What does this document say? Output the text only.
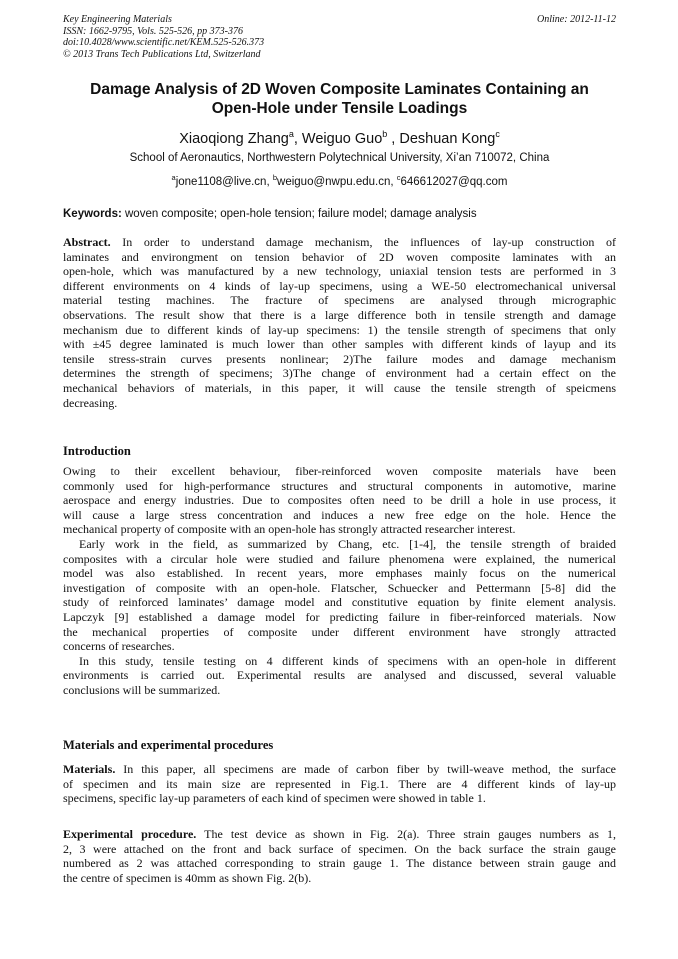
Key Engineering Materials
ISSN: 1662-9795, Vols. 525-526, pp 373-376
doi:10.4028/www.scientific.net/KEM.525-526.373
© 2013 Trans Tech Publications Ltd, Switzerland
Online: 2012-11-12
Damage Analysis of 2D Woven Composite Laminates Containing an
Open-Hole under Tensile Loadings
Xiaoqiong Zhang$^a$, Weiguo Guo$^b$ , Deshuan Kong$^c$
School of Aeronautics, Northwestern Polytechnical University, Xi’an 710072, China
$^a$jone1108@live.cn, $^b$weiguo@nwpu.edu.cn, $^c$646612027@qq.com
Keywords: woven composite; open-hole tension; failure model; damage analysis
Abstract. In order to understand damage mechanism, the influences of lay-up construction of
laminates and environgment on tension behavior of 2D woven composite laminates with an
open-hole, which was manufactured by a new technology, uniaxial tension tests are performed in 3
different environments on 4 kinds of lay-up specimens, using a WE-50 electromechanical universal
material testing machines. The fracture of specimens are analysed through micrographic
observations. The result show that there is a large difference both in tensile strength and damage
mechanism due to different kinds of lay-up specimens: 1) the tensile strength of specimens that only
with ±45 degree laminated is much lower than other samples with different kinds of layup and its
tensile stress-strain curves presents nonlinear; 2)The failure modes and damage mechanism
determines the strength of specimens; 3)The change of environment had a certain effect on the
mechanical behaviors of materials, in this paper, it will cause the tensile strength of speicmens
decreasing.
Introduction
Owing to their excellent behaviour, fiber-reinforced woven composite materials have been
commonly used for high-performance structures and structural components in automotive, marine
aerospace and energy industries. Due to composites often need to be drill a hole in use process, it
will cause a large stress concentration and induces a new free edge on the hole. Hence the
mechanical property of composite with an open-hole has strongly attracted researcher interest.
Early work in the field, as summarized by Chang, etc. [1-4], the tensile strength of braided
composites with a circular hole were studied and failure phenomena were explained, the numerical
model was also established. In recent years, more emphases mainly focus on the numerical
investigation of composite with an open-hole. Flatscher, Schuecker and Pettermann [5-8] did the
study of reinforced laminates’ damage model and constitutive equation by finite element analysis.
Lapczyk [9] established a damage model for predicting failure in fiber-reinforced materials. Now
the mechanical properties of composite under different environment have strongly attracted
concerns of researches.
In this study, tensile testing on 4 different kinds of specimens with an open-hole in different
environments is carried out. Experimental results are analysed and discussed, several valuable
conclusions will be summarized.
Materials and experimental procedures
Materials. In this paper, all specimens are made of carbon fiber by twill-weave method, the surface
of specimen and its main size are represented in Fig.1. There are 4 different kinds of lay-up
specimens, specific lay-up parameters of each kind of specimen were showed in table 1.
Experimental procedure. The test device as shown in Fig. 2(a). Three strain gauges numbers as 1,
2, 3 were attached on the front and back surface of specimen. On the back surface the strain gauge
numbered as 2 was attached corresponding to strain gauge 1. The distance between strain gauge and
the centre of specimen is 40mm as shown Fig. 2(b).
